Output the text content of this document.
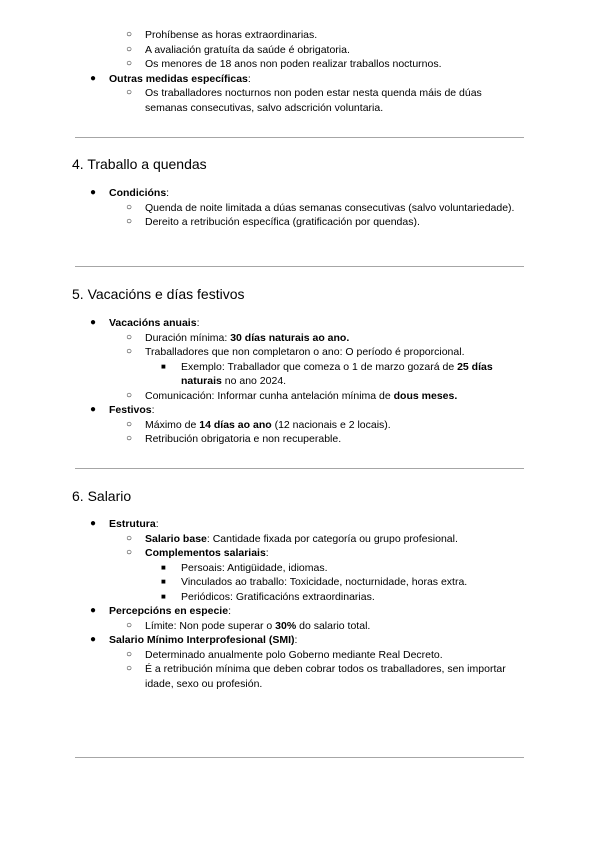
○ Prohíbense as horas extraordinarias.
○ A avaliación gratuíta da saúde é obrigatoria.
○ Os menores de 18 anos non poden realizar traballos nocturnos.
● Outras medidas específicas:
○ Os traballadores nocturnos non poden estar nesta quenda máis de dúas semanas consecutivas, salvo adscrición voluntaria.
4. Traballo a quendas
● Condicións:
○ Quenda de noite limitada a dúas semanas consecutivas (salvo voluntariedade).
○ Dereito a retribución específica (gratificación por quendas).
5. Vacacións e días festivos
● Vacacións anuais:
○ Duración mínima: 30 días naturais ao ano.
○ Traballadores que non completaron o ano: O período é proporcional.
■ Exemplo: Traballador que comeza o 1 de marzo gozará de 25 días naturais no ano 2024.
○ Comunicación: Informar cunha antelación mínima de dous meses.
● Festivos:
○ Máximo de 14 días ao ano (12 nacionais e 2 locais).
○ Retribución obrigatoria e non recuperable.
6. Salario
● Estrutura:
○ Salario base: Cantidade fixada por categoría ou grupo profesional.
○ Complementos salariais:
■ Persoais: Antigüidade, idiomas.
■ Vinculados ao traballo: Toxicidade, nocturnidade, horas extra.
■ Periódicos: Gratificacións extraordinarias.
● Percepcións en especie:
○ Límite: Non pode superar o 30% do salario total.
● Salario Mínimo Interprofesional (SMI):
○ Determinado anualmente polo Goberno mediante Real Decreto.
○ É a retribución mínima que deben cobrar todos os traballadores, sen importar idade, sexo ou profesión.
